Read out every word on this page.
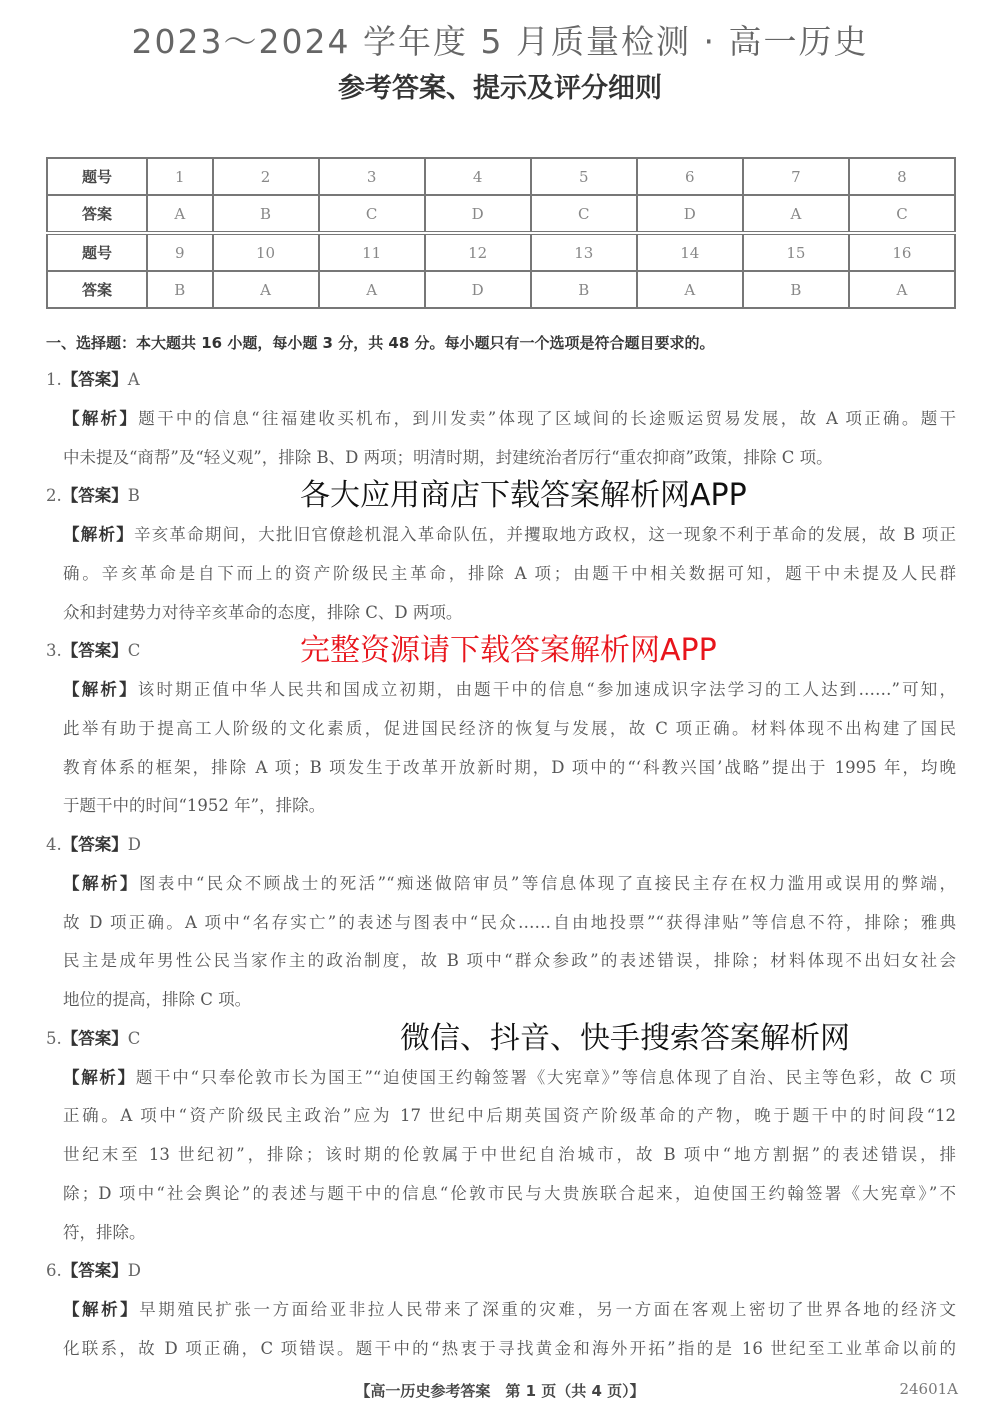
2023～2024 学年度 5 月质量检测 · 高一历史
参考答案、提示及评分细则
题号	1	2	3	4	5	6	7	8
答案	A	B	C	D	C	D	A	C
题号	9	10	11	12	13	14	15	16
答案	B	A	A	D	B	A	B	A
一、选择题：本大题共 16 小题，每小题 3 分，共 48 分。每小题只有一个选项是符合题目要求的。
1.【答案】A
【解析】题干中的信息“往福建收买机布，到川发卖”体现了区域间的长途贩运贸易发展，故 A 项正确。题干
中未提及“商帮”及“轻义观”，排除 B、D 两项；明清时期，封建统治者厉行“重农抑商”政策，排除 C 项。
2.【答案】B
【解析】辛亥革命期间，大批旧官僚趁机混入革命队伍，并攫取地方政权，这一现象不利于革命的发展，故 B 项正
确。辛亥革命是自下而上的资产阶级民主革命，排除 A 项；由题干中相关数据可知，题干中未提及人民群
众和封建势力对待辛亥革命的态度，排除 C、D 两项。
3.【答案】C
【解析】该时期正值中华人民共和国成立初期，由题干中的信息“参加速成识字法学习的工人达到……”可知，
此举有助于提高工人阶级的文化素质，促进国民经济的恢复与发展，故 C 项正确。材料体现不出构建了国民
教育体系的框架，排除 A 项；B 项发生于改革开放新时期，D 项中的“‘科教兴国’战略”提出于 1995 年，均晚
于题干中的时间“1952 年”，排除。
4.【答案】D
【解析】图表中“民众不顾战士的死活”“痴迷做陪审员”等信息体现了直接民主存在权力滥用或误用的弊端，
故 D 项正确。A 项中“名存实亡”的表述与图表中“民众……自由地投票”“获得津贴”等信息不符，排除；雅典
民主是成年男性公民当家作主的政治制度，故 B 项中“群众参政”的表述错误，排除；材料体现不出妇女社会
地位的提高，排除 C 项。
5.【答案】C
【解析】题干中“只奉伦敦市长为国王”“迫使国王约翰签署《大宪章》”等信息体现了自治、民主等色彩，故 C 项
正确。A 项中“资产阶级民主政治”应为 17 世纪中后期英国资产阶级革命的产物，晚于题干中的时间段“12
世纪末至 13 世纪初”，排除；该时期的伦敦属于中世纪自治城市，故 B 项中“地方割据”的表述错误，排
除；D 项中“社会舆论”的表述与题干中的信息“伦敦市民与大贵族联合起来，迫使国王约翰签署《大宪章》”不
符，排除。
6.【答案】D
【解析】早期殖民扩张一方面给亚非拉人民带来了深重的灾难，另一方面在客观上密切了世界各地的经济文
化联系，故 D 项正确，C 项错误。题干中的“热衷于寻找黄金和海外开拓”指的是 16 世纪至工业革命以前的
【高一历史参考答案　第 1 页（共 4 页）】	24601A
各大应用商店下载答案解析网APP
完整资源请下载答案解析网APP
微信、抖音、快手搜索答案解析网
